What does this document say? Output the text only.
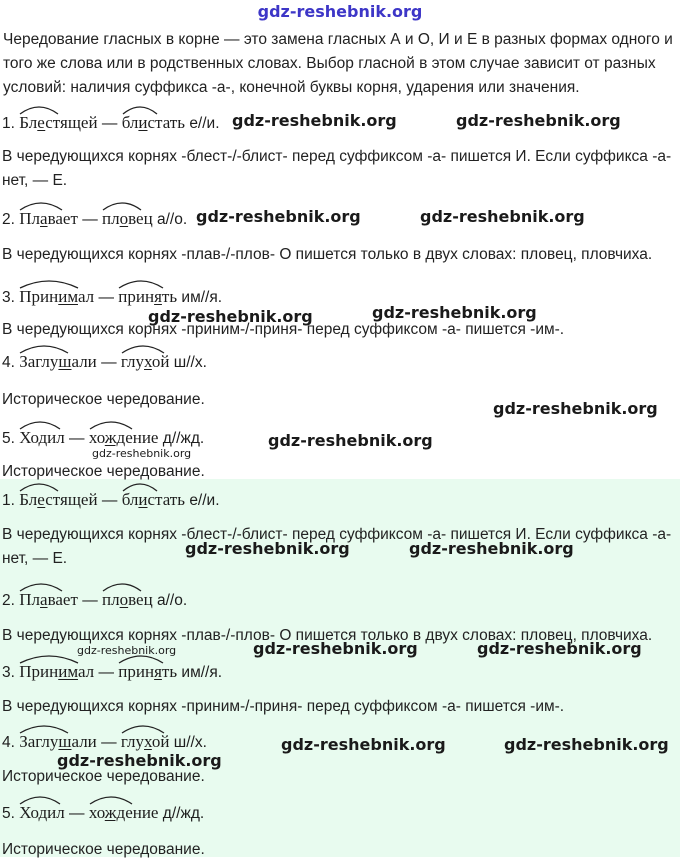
gdz-reshebnik.org
Чередование гласных в корне — это замена гласных А и О, И и Е в разных формах одного и того же слова или в родственных словах. Выбор гласной в этом случае зависит от разных условий: наличия суффикса -а-, конечной буквы корня, ударения или значения.
1. Блестящей — блистать е//и.
В чередующихся корнях -блест-/-блист- перед суффиксом -а- пишется И. Если суффикса -а- нет, — Е.
2. Плавает — пловец а//о.
В чередующихся корнях -плав-/-плов- О пишется только в двух словах: пловец, пловчиха.
3. Принимал — принять им//я.
В чередующихся корнях -приним-/-приня- перед суффиксом -а- пишется -им-.
4. Заглушали — глухой ш//х.
Историческое чередование.
5. Ходил — хождение д//жд.
Историческое чередование.
1. Блестящей — блистать е//и.
В чередующихся корнях -блест-/-блист- перед суффиксом -а- пишется И. Если суффикса -а- нет, — Е.
2. Плавает — пловец а//о.
В чередующихся корнях -плав-/-плов- О пишется только в двух словах: пловец, пловчиха.
3. Принимал — принять им//я.
В чередующихся корнях -приним-/-приня- перед суффиксом -а- пишется -им-.
4. Заглушали — глухой ш//х.
Историческое чередование.
5. Ходил — хождение д//жд.
Историческое чередование.
gdz-reshebnik.org	gdz-reshebnik.org
gdz-reshebnik.org	gdz-reshebnik.org
gdz-reshebnik.org	gdz-reshebnik.org
gdz-reshebnik.org
gdz-reshebnik.org
gdz-reshebnik.org
gdz-reshebnik.org	gdz-reshebnik.org
gdz-reshebnik.org	gdz-reshebnik.org	gdz-reshebnik.org
gdz-reshebnik.org	gdz-reshebnik.org
gdz-reshebnik.org
